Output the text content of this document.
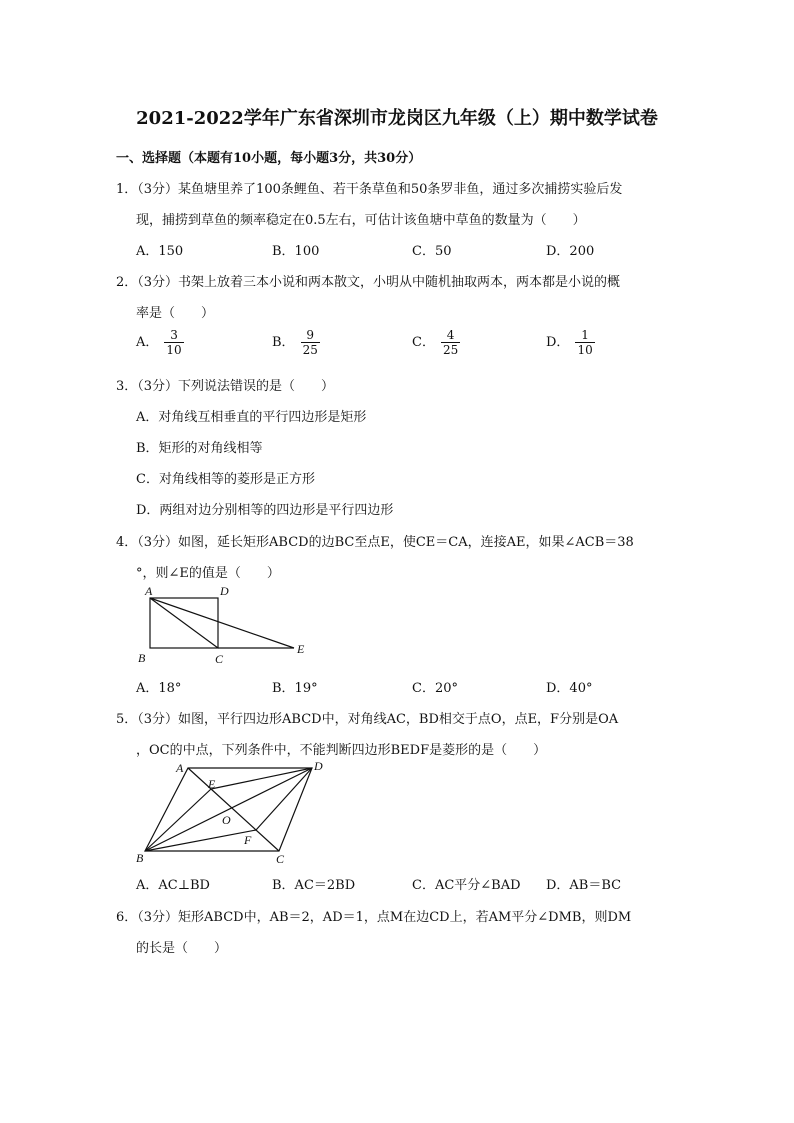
2021-2022学年广东省深圳市龙岗区九年级（上）期中数学试卷
一、选择题（本题有10小题，每小题3分，共30分）
1．（3分）某鱼塘里养了100条鲤鱼、若干条草鱼和50条罗非鱼，通过多次捕捞实验后发
现，捕捞到草鱼的频率稳定在0.5左右，可估计该鱼塘中草鱼的数量为（　　）
A．150	B．100	C．50	D．200
2．（3分）书架上放着三本小说和两本散文，小明从中随机抽取两本，两本都是小说的概
率是（　　）
A． $\frac{3}{10}$	B． $\frac{9}{25}$	C． $\frac{4}{25}$	D． $\frac{1}{10}$
3．（3分）下列说法错误的是（　　）
A．对角线互相垂直的平行四边形是矩形
B．矩形的对角线相等
C．对角线相等的菱形是正方形
D．两组对边分别相等的四边形是平行四边形
4．（3分）如图，延长矩形ABCD的边BC至点E，使CE＝CA，连接AE，如果∠ACB＝38
°，则∠E的值是（　　）
A	D
B	C
E
A．18°	B．19°	C．20°	D．40°
5．（3分）如图，平行四边形ABCD中，对角线AC，BD相交于点O，点E，F分别是OA
，OC的中点，下列条件中，不能判断四边形BEDF是菱形的是（　　）
A	D
B	C
E
O
F
A．AC⊥BD	B．AC＝2BD	C．AC平分∠BAD D．AB＝BC
6．（3分）矩形ABCD中，AB＝2，AD＝1，点M在边CD上，若AM平分∠DMB，则DM
的长是（　　）
